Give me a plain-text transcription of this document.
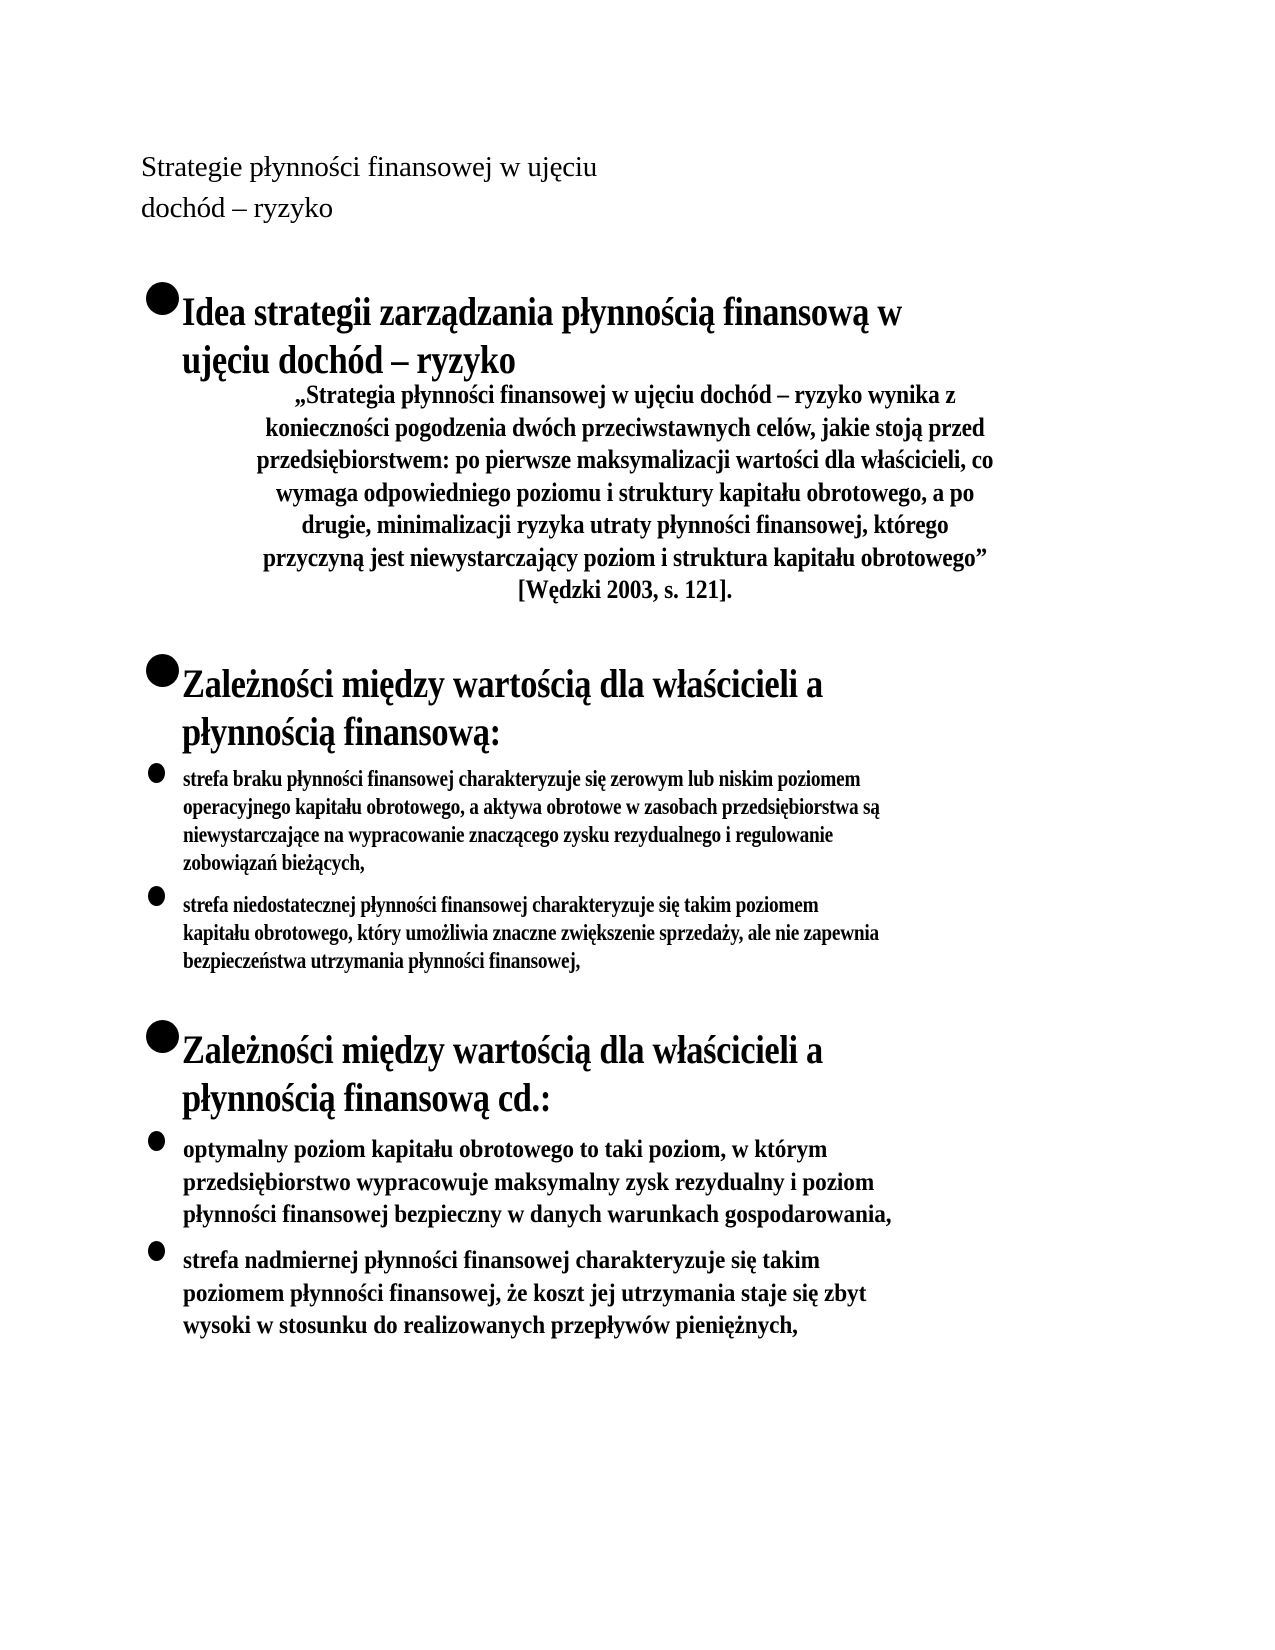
Strategie płynności finansowej w ujęciu
dochód – ryzyko
Idea strategii zarządzania płynnością finansową w
ujęciu dochód – ryzyko

„Strategia płynności finansowej w ujęciu dochód – ryzyko wynika z
konieczności pogodzenia dwóch przeciwstawnych celów, jakie stoją przed
przedsiębiorstwem: po pierwsze maksymalizacji wartości dla właścicieli, co
wymaga odpowiedniego poziomu i struktury kapitału obrotowego, a po
drugie, minimalizacji ryzyka utraty płynności finansowej, którego
przyczyną jest niewystarczający poziom i struktura kapitału obrotowego”
[Wędzki 2003, s. 121].

Zależności między wartością dla właścicieli a
płynnością finansową:

strefa braku płynności finansowej charakteryzuje się zerowym lub niskim poziomem
operacyjnego kapitału obrotowego, a aktywa obrotowe w zasobach przedsiębiorstwa są
niewystarczające na wypracowanie znaczącego zysku rezydualnego i regulowanie
zobowiązań bieżących,

strefa niedostatecznej płynności finansowej charakteryzuje się takim poziomem
kapitału obrotowego, który umożliwia znaczne zwiększenie sprzedaży, ale nie zapewnia
bezpieczeństwa utrzymania płynności finansowej,

Zależności między wartością dla właścicieli a
płynnością finansową cd.:

optymalny poziom kapitału obrotowego to taki poziom, w którym
przedsiębiorstwo wypracowuje maksymalny zysk rezydualny i poziom
płynności finansowej bezpieczny w danych warunkach gospodarowania,

strefa nadmiernej płynności finansowej charakteryzuje się takim
poziomem płynności finansowej, że koszt jej utrzymania staje się zbyt
wysoki w stosunku do realizowanych przepływów pieniężnych,
